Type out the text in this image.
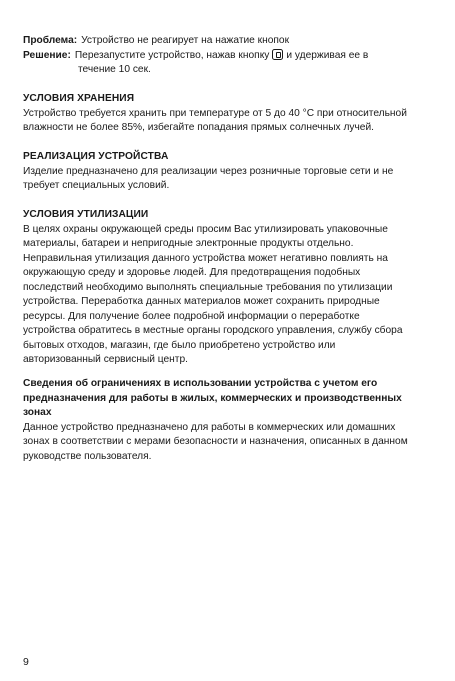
Проблема: Устройство не реагирует на нажатие кнопок
Решение: Перезапустите устройство, нажав кнопку и удерживая ее в
течение 10 сек.
УСЛОВИЯ ХРАНЕНИЯ
Устройство требуется хранить при температуре от 5 до 40 °С при относительной
влажности не более 85%, избегайте попадания прямых солнечных лучей.
РЕАЛИЗАЦИЯ УСТРОЙСТВА
Изделие предназначено для реализации через розничные торговые сети и не
требует специальных условий.
УСЛОВИЯ УТИЛИЗАЦИИ
В целях охраны окружающей среды просим Вас утилизировать упаковочные
материалы, батареи и непригодные электронные продукты отдельно.
Неправильная утилизация данного устройства может негативно повлиять на
окружающую среду и здоровье людей. Для предотвращения подобных
последствий необходимо выполнять специальные требования по утилизации
устройства. Переработка данных материалов может сохранить природные
ресурсы. Для получение более подробной информации о переработке
устройства обратитесь в местные органы городского управления, службу сбора
бытовых отходов, магазин, где было приобретено устройство или
авторизованный сервисный центр.
Сведения об ограничениях в использовании устройства с учетом его
предназначения для работы в жилых, коммерческих и производственных
зонах
Данное устройство предназначено для работы в коммерческих или домашних
зонах в соответствии с мерами безопасности и назначения, описанных в данном
руководстве пользователя.
9
